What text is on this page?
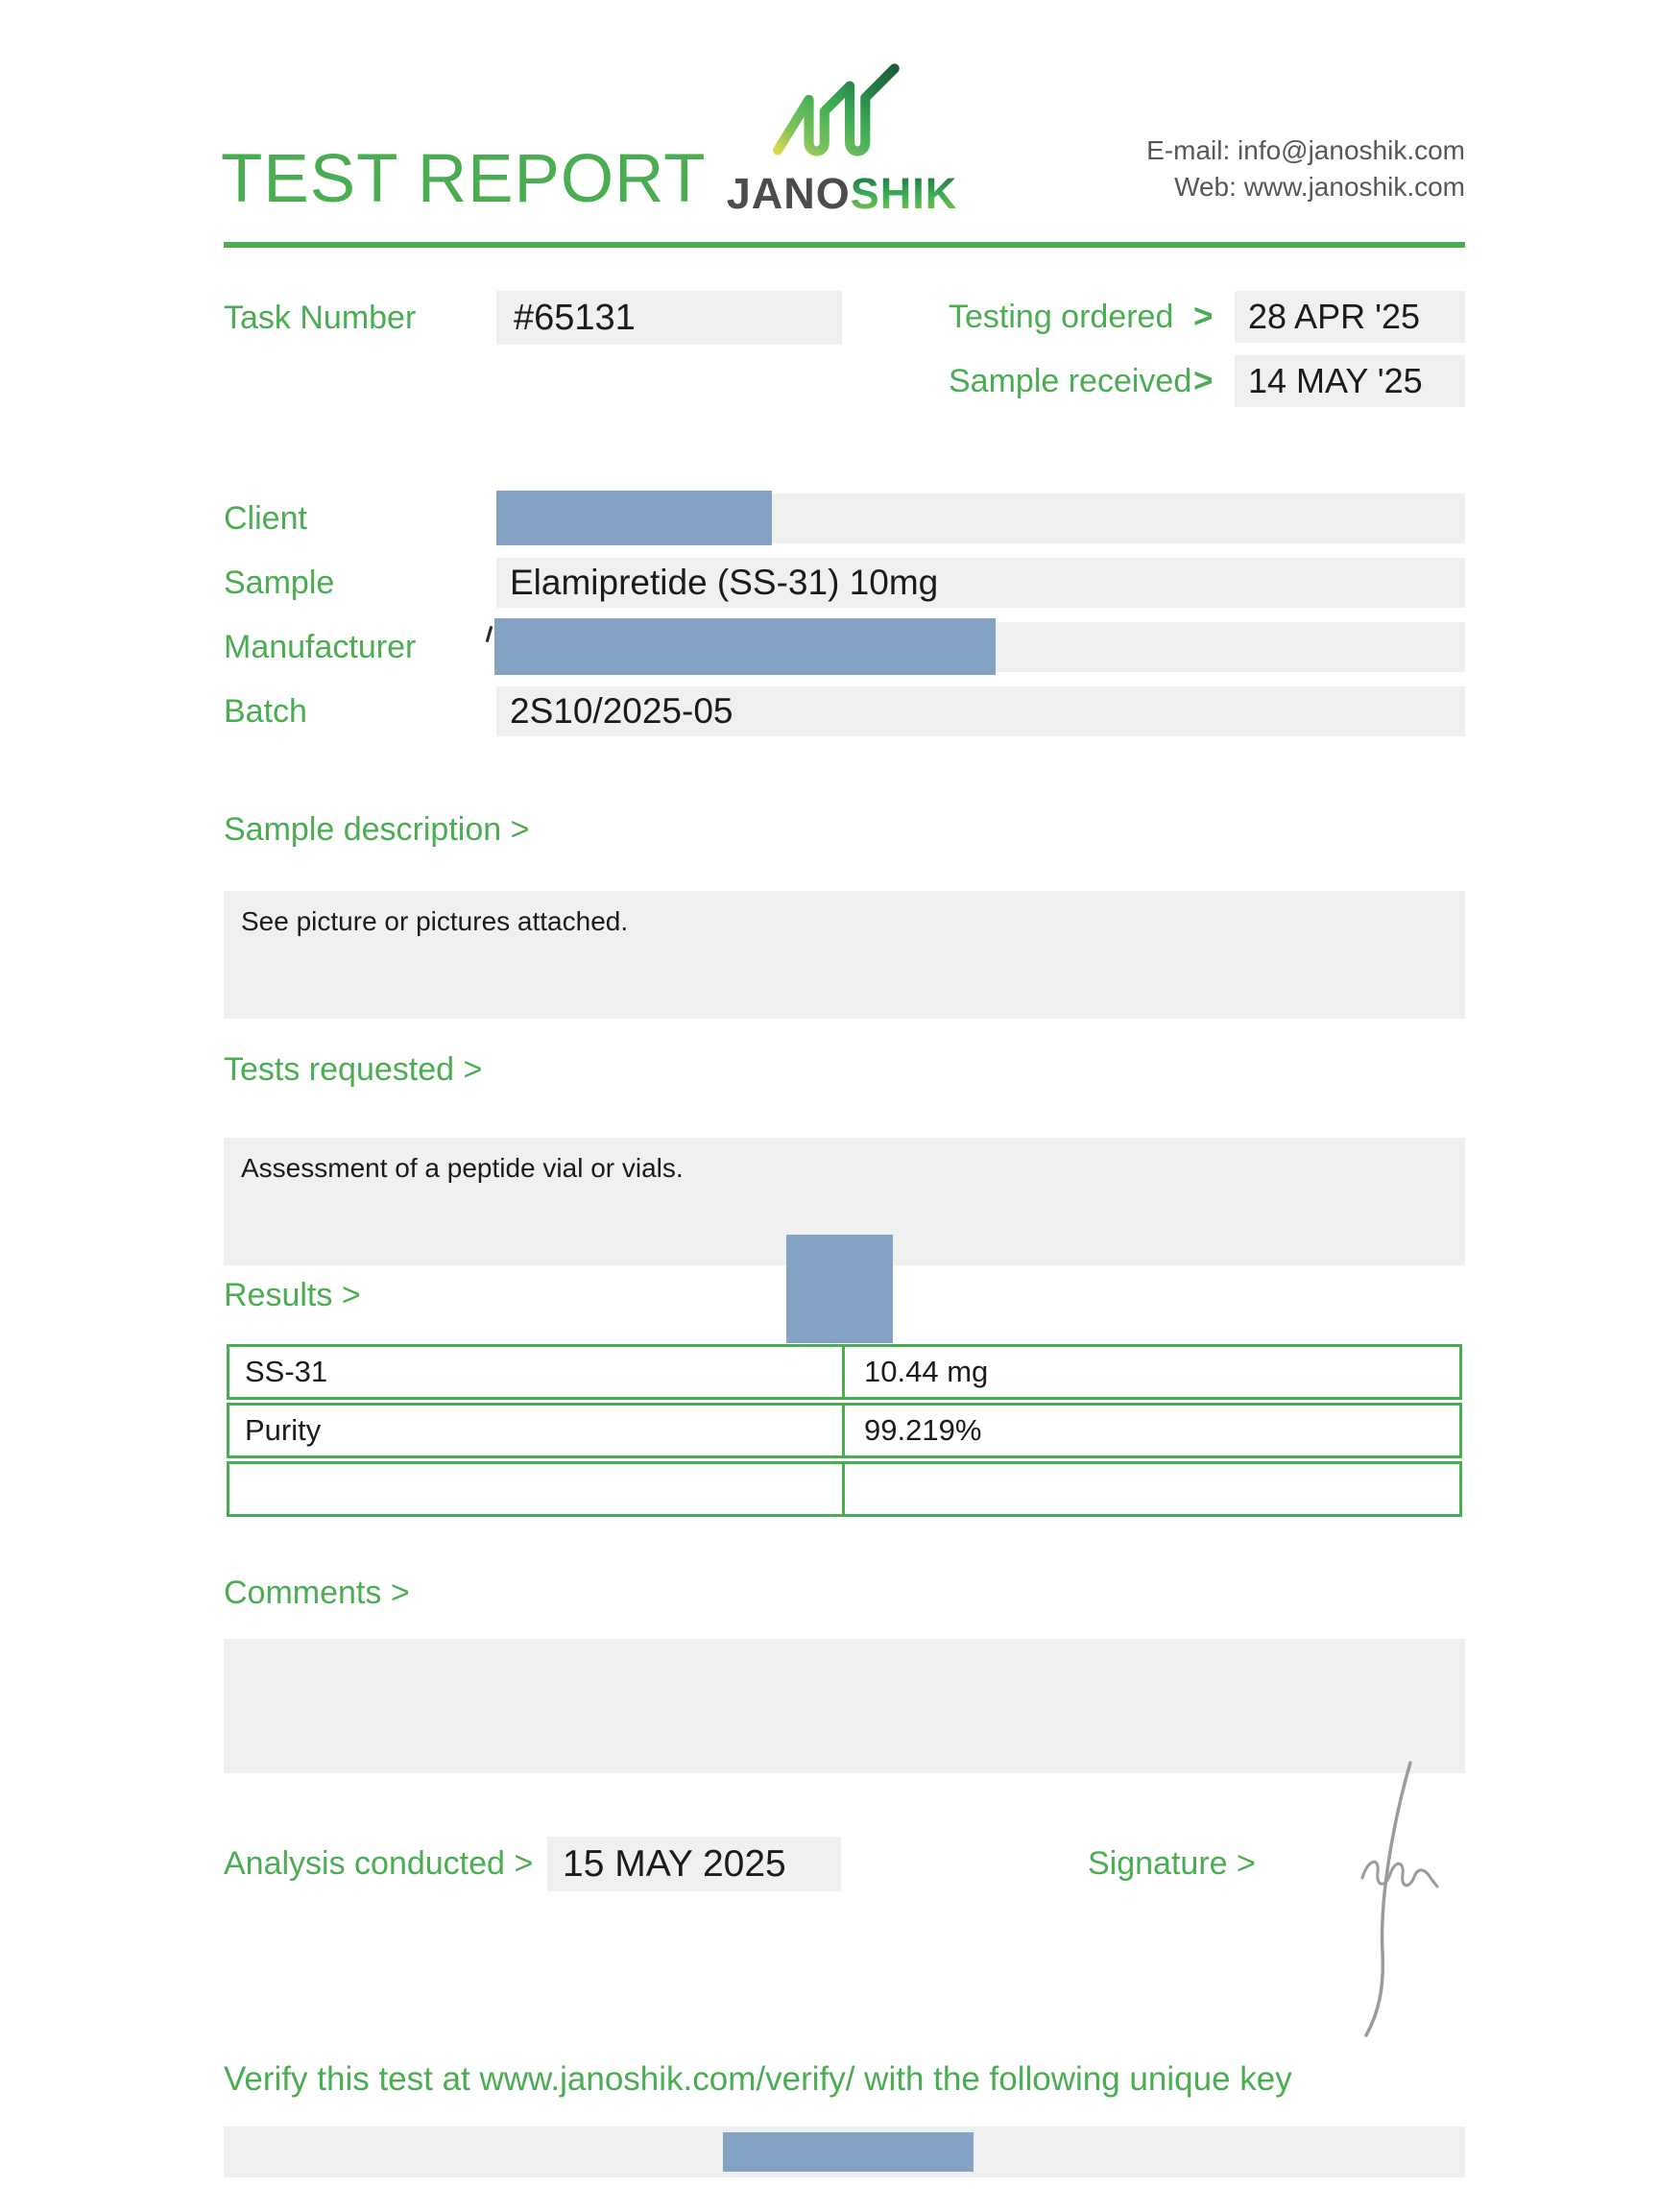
TEST REPORT JANOSHIK
E-mail: info@janoshik.com
Web: www.janoshik.com
Task Number	#65131	Testing ordered >	28 APR '25
Sample received >	14 MAY '25
Client
Sample	Elamipretide (SS-31) 10mg
Manufacturer
Batch	2S10/2025-05
Sample description >
See picture or pictures attached.
Tests requested >
Assessment of a peptide vial or vials.
Results >
SS-31	10.44 mg
Purity	99.219%
Comments >
Analysis conducted > 15 MAY 2025	Signature >
Verify this test at www.janoshik.com/verify/ with the following unique key
